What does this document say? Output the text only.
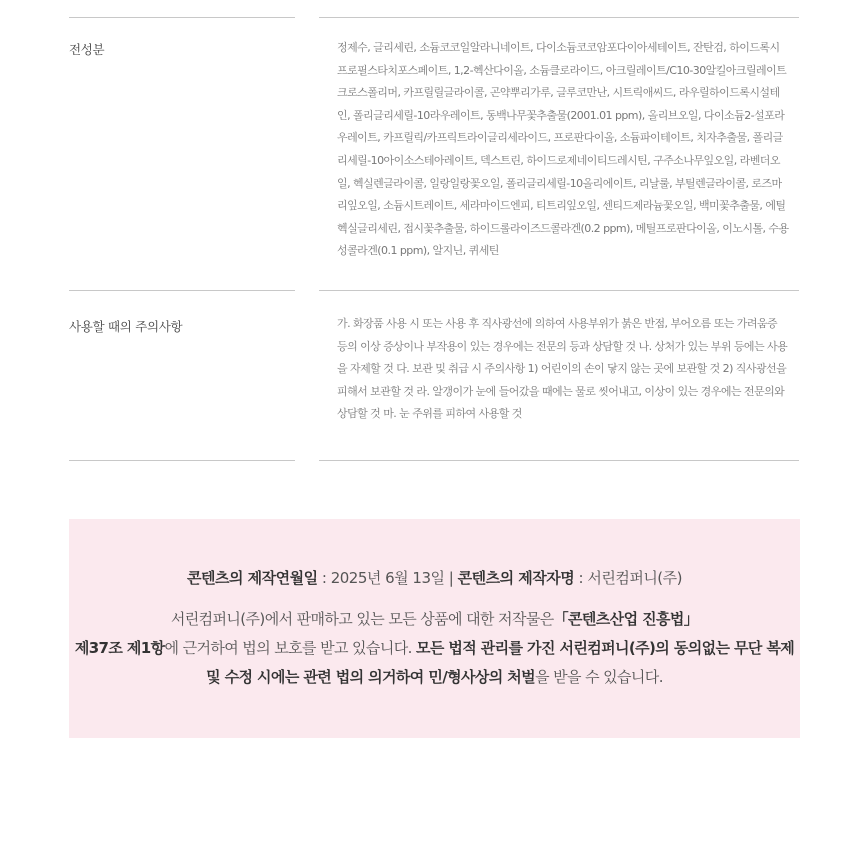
전성분	정제수, 글리세린, 소듐코코일알라니네이트, 다이소듐코코암포다이아세테이트, 잔탄검, 하이드록시프로필스타치포스페이트, 1,2-헥산다이올, 소듐클로라이드, 아크릴레이트/C10-30알킬아크릴레이트크로스폴리머, 카프릴릴글라이콜, 곤약뿌리가루, 글루코만난, 시트릭애씨드, 라우릴하이드록시설테인, 폴리글리세릴-10라우레이트, 동백나무꽃추출물(2001.01 ppm), 올리브오일, 다이소듐2-설포라우레이트, 카프릴릭/카프릭트라이글리세라이드, 프로판다이올, 소듐파이테이트, 치자추출물, 폴리글리세릴-10아이소스테아레이트, 덱스트린, 하이드로제네이티드레시틴, 구주소나무잎오일, 라벤더오일, 헥실렌글라이콜, 일랑일랑꽃오일, 폴리글리세릴-10올리에이트, 리날룰, 부틸렌글라이콜, 로즈마리잎오일, 소듐시트레이트, 세라마이드엔피, 티트리잎오일, 센티드제라늄꽃오일, 백미꽃추출물, 에틸헥실글리세린, 접시꽃추출물, 하이드롤라이즈드콜라겐(0.2 ppm), 메틸프로판다이올, 이노시톨, 수용성콜라겐(0.1 ppm), 알지닌, 퀴세틴
사용할 때의 주의사항	가. 화장품 사용 시 또는 사용 후 직사광선에 의하여 사용부위가 붉은 반점, 부어오름 또는 가려움증 등의 이상 증상이나 부작용이 있는 경우에는 전문의 등과 상담할 것 나. 상처가 있는 부위 등에는 사용을 자제할 것 다. 보관 및 취급 시 주의사항 1) 어린이의 손이 닿지 않는 곳에 보관할 것 2) 직사광선을 피해서 보관할 것 라. 알갱이가 눈에 들어갔을 때에는 물로 씻어내고, 이상이 있는 경우에는 전문의와 상담할 것 마. 눈 주위를 피하여 사용할 것
콘텐츠의 제작연월일 : 2025년 6월 13일 | 콘텐츠의 제작자명 : 서린컴퍼니(주)
서린컴퍼니(주)에서 판매하고 있는 모든 상품에 대한 저작물은「콘텐츠산업 진흥법」
제37조 제1항에 근거하여 법의 보호를 받고 있습니다. 모든 법적 관리를 가진 서린컴퍼니(주)의 동의없는 무단 복제 및 수정 시에는 관련 법의 의거하여 민/형사상의 처벌을 받을 수 있습니다.
